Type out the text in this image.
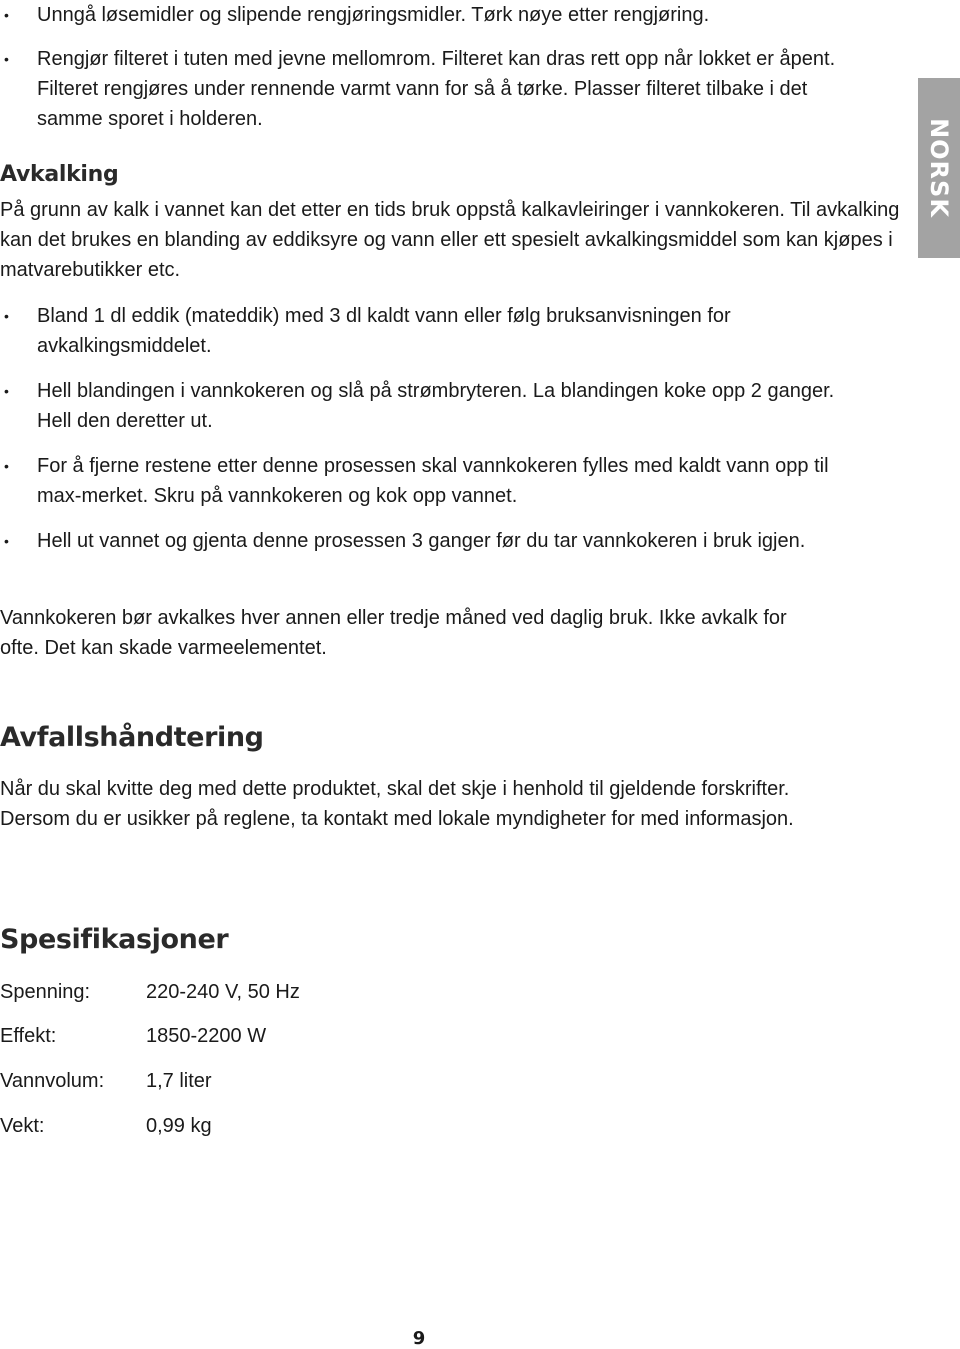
NORSK
• Unngå løsemidler og slipende rengjøringsmidler. Tørk nøye etter rengjøring.
• Rengjør filteret i tuten med jevne mellomrom. Filteret kan dras rett opp når lokket er åpent. Filteret rengjøres under rennende varmt vann for så å tørke. Plasser filteret tilbake i det samme sporet i holderen.
Avkalking

På grunn av kalk i vannet kan det etter en tids bruk oppstå kalkavleiringer i vannkokeren. Til avkalking kan det brukes en blanding av eddiksyre og vann eller ett spesielt avkalkingsmiddel som kan kjøpes i matvarebutikker etc.

• Bland 1 dl eddik (mateddik) med 3 dl kaldt vann eller følg bruksanvisningen for avkalkingsmiddelet.
• Hell blandingen i vannkokeren og slå på strømbryteren. La blandingen koke opp 2 ganger. Hell den deretter ut.
• For å fjerne restene etter denne prosessen skal vannkokeren fylles med kaldt vann opp til max-merket. Skru på vannkokeren og kok opp vannet.
• Hell ut vannet og gjenta denne prosessen 3 ganger før du tar vannkokeren i bruk igjen.

Vannkokeren bør avkalkes hver annen eller tredje måned ved daglig bruk. Ikke avkalk for ofte. Det kan skade varmeelementet.

Avfallshåndtering

Når du skal kvitte deg med dette produktet, skal det skje i henhold til gjeldende forskrifter. Dersom du er usikker på reglene, ta kontakt med lokale myndigheter for med informasjon.

Spesifikasjoner
Spenning:	220-240 V, 50 Hz
Effekt:	1850-2200 W
Vannvolum: 1,7 liter
Vekt:	0,99 kg
9
